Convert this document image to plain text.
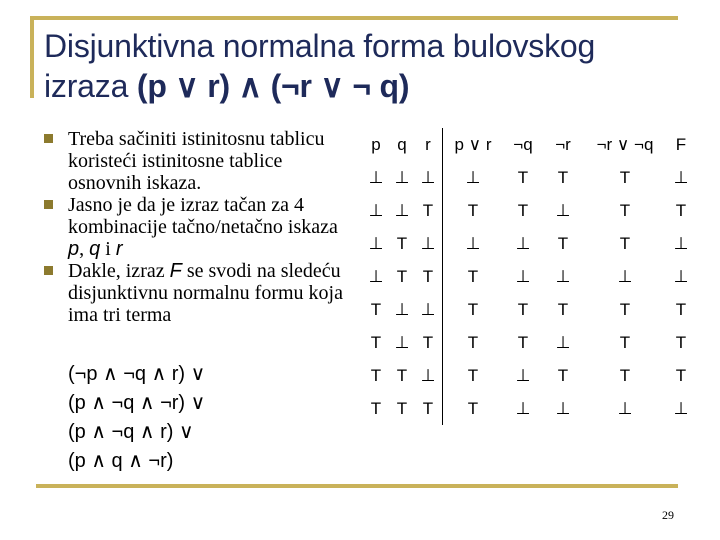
Disjunktivna normalna forma bulovskog
izraza (p ∨ r) ∧ (¬r ∨ ¬ q)
Treba sačiniti istinitosnu tablicu koristeći istinitosne tablice osnovnih iskaza.
Jasno je da je izraz tačan za 4 kombinacije tačno/netačno iskaza p, q i r
Dakle, izraz F se svodi na sledeću disjunktivnu normalnu formu koja ima tri terma
(¬p ∧ ¬q ∧ r) ∨
(p ∧ ¬q ∧ ¬r) ∨
(p ∧ ¬q ∧ r) ∨
(p ∧ q ∧ ¬r)
p	q	r	p ∨ r	¬q	¬r	¬r ∨ ¬q	F
⊥	⊥	⊥	⊥	T	T	T	⊥
⊥	⊥	T	T	T	⊥	T	T
⊥	T	⊥	⊥	⊥	T	T	⊥
⊥	T	T	T	⊥	⊥	⊥	⊥
T	⊥	⊥	T	T	T	T	T
T	⊥	T	T	T	⊥	T	T
T	T	⊥	T	⊥	T	T	T
T	T	T	T	⊥	⊥	⊥	⊥
29
